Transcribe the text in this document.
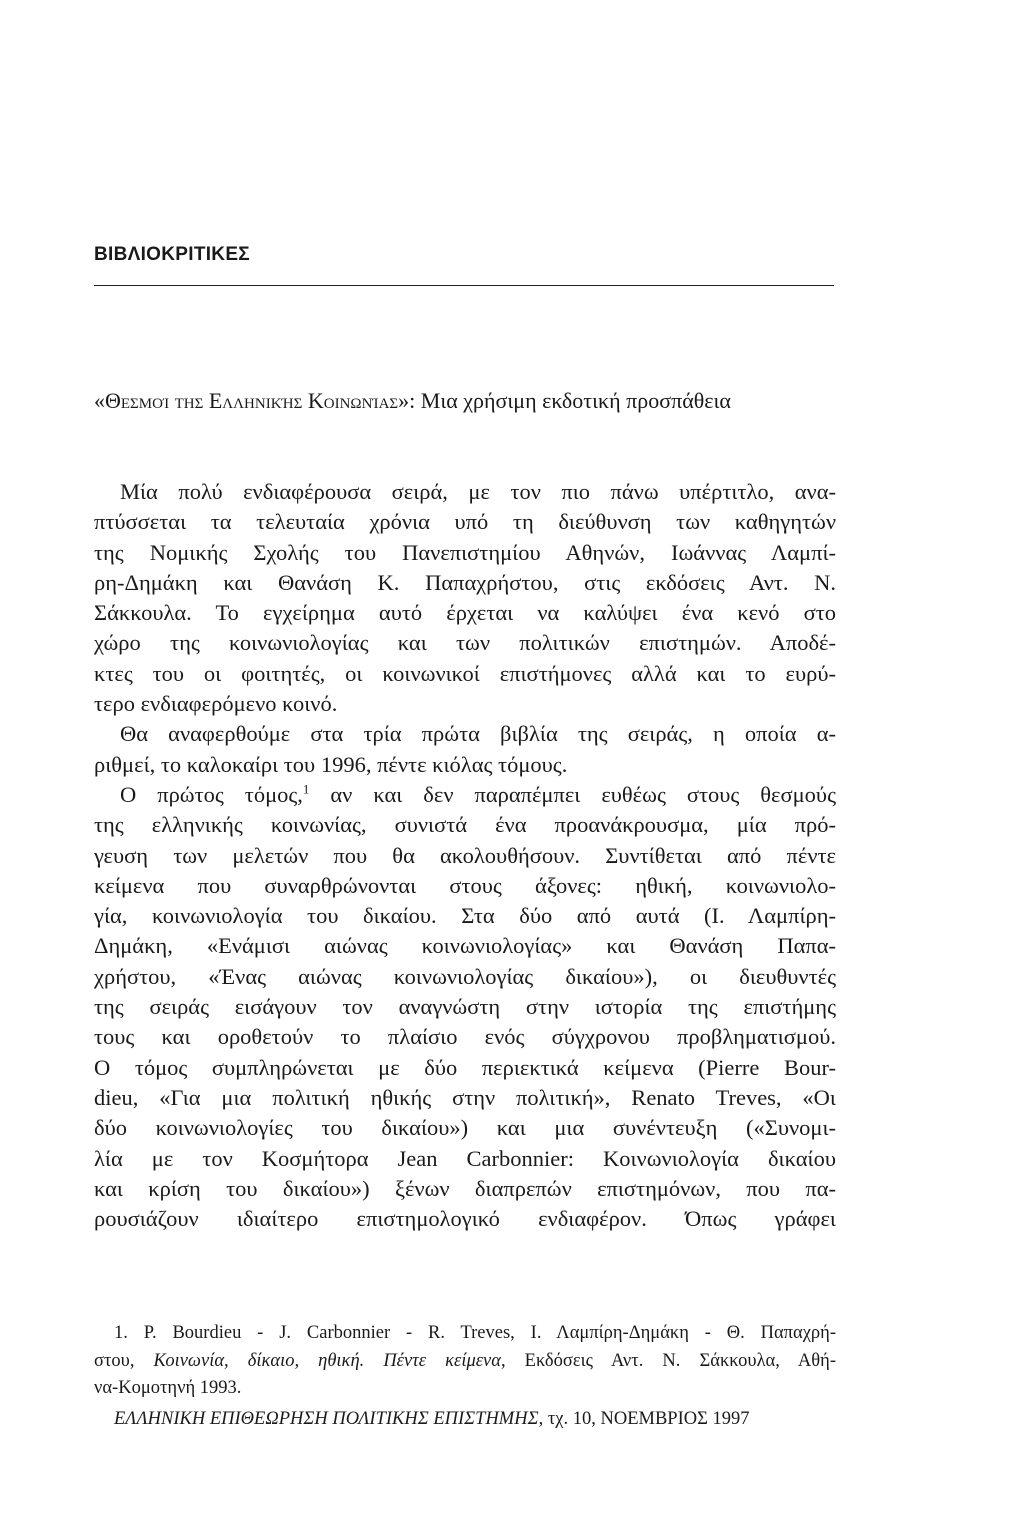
ΒΙΒΛΙΟΚΡΙΤΙΚΕΣ
«Θεσμοί της Ελληνικής Κοινωνίας»: Μια χρήσιμη εκδοτική προσπάθεια
Μία πολύ ενδιαφέρουσα σειρά, με τον πιο πάνω υπέρτιτλο, ανα-
πτύσσεται τα τελευταία χρόνια υπό τη διεύθυνση των καθηγητών
της Νομικής Σχολής του Πανεπιστημίου Αθηνών, Ιωάννας Λαμπί-
ρη-Δημάκη και Θανάση Κ. Παπαχρήστου, στις εκδόσεις Αντ. Ν.
Σάκκουλα. Το εγχείρημα αυτό έρχεται να καλύψει ένα κενό στο
χώρο της κοινωνιολογίας και των πολιτικών επιστημών. Αποδέ-
κτες του οι φοιτητές, οι κοινωνικοί επιστήμονες αλλά και το ευρύ-
τερο ενδιαφερόμενο κοινό.
Θα αναφερθούμε στα τρία πρώτα βιβλία της σειράς, η οποία α-
ριθμεί, το καλοκαίρι του 1996, πέντε κιόλας τόμους.
Ο πρώτος τόμος,$^1$ αν και δεν παραπέμπει ευθέως στους θεσμούς
της ελληνικής κοινωνίας, συνιστά ένα προανάκρουσμα, μία πρό-
γευση των μελετών που θα ακολουθήσουν. Συντίθεται από πέντε
κείμενα που συναρθρώνονται στους άξονες: ηθική, κοινωνιολο-
γία, κοινωνιολογία του δικαίου. Στα δύο από αυτά (Ι. Λαμπίρη-
Δημάκη, «Ενάμισι αιώνας κοινωνιολογίας» και Θανάση Παπα-
χρήστου, «Ένας αιώνας κοινωνιολογίας δικαίου»), οι διευθυντές
της σειράς εισάγουν τον αναγνώστη στην ιστορία της επιστήμης
τους και οροθετούν το πλαίσιο ενός σύγχρονου προβληματισμού.
Ο τόμος συμπληρώνεται με δύο περιεκτικά κείμενα (Pierre Bour-
dieu, «Για μια πολιτική ηθικής στην πολιτική», Renato Treves, «Οι
δύο κοινωνιολογίες του δικαίου») και μια συνέντευξη («Συνομι-
λία με τον Κοσμήτορα Jean Carbonnier: Κοινωνιολογία δικαίου
και κρίση του δικαίου») ξένων διαπρεπών επιστημόνων, που πα-
ρουσιάζουν ιδιαίτερο επιστημολογικό ενδιαφέρον. Όπως γράφει
1. P. Bourdieu - J. Carbonnier - R. Treves, Ι. Λαμπίρη-Δημάκη - Θ. Παπαχρή-
στου, Κοινωνία, δίκαιο, ηθική. Πέντε κείμενα, Εκδόσεις Αντ. Ν. Σάκκουλα, Αθή-
να-Κομοτηνή 1993.
ΕΛΛΗΝΙΚΗ ΕΠΙΘΕΩΡΗΣΗ ΠΟΛΙΤΙΚΗΣ ΕΠΙΣΤΗΜΗΣ, τχ. 10, ΝΟΕΜΒΡΙΟΣ 1997
